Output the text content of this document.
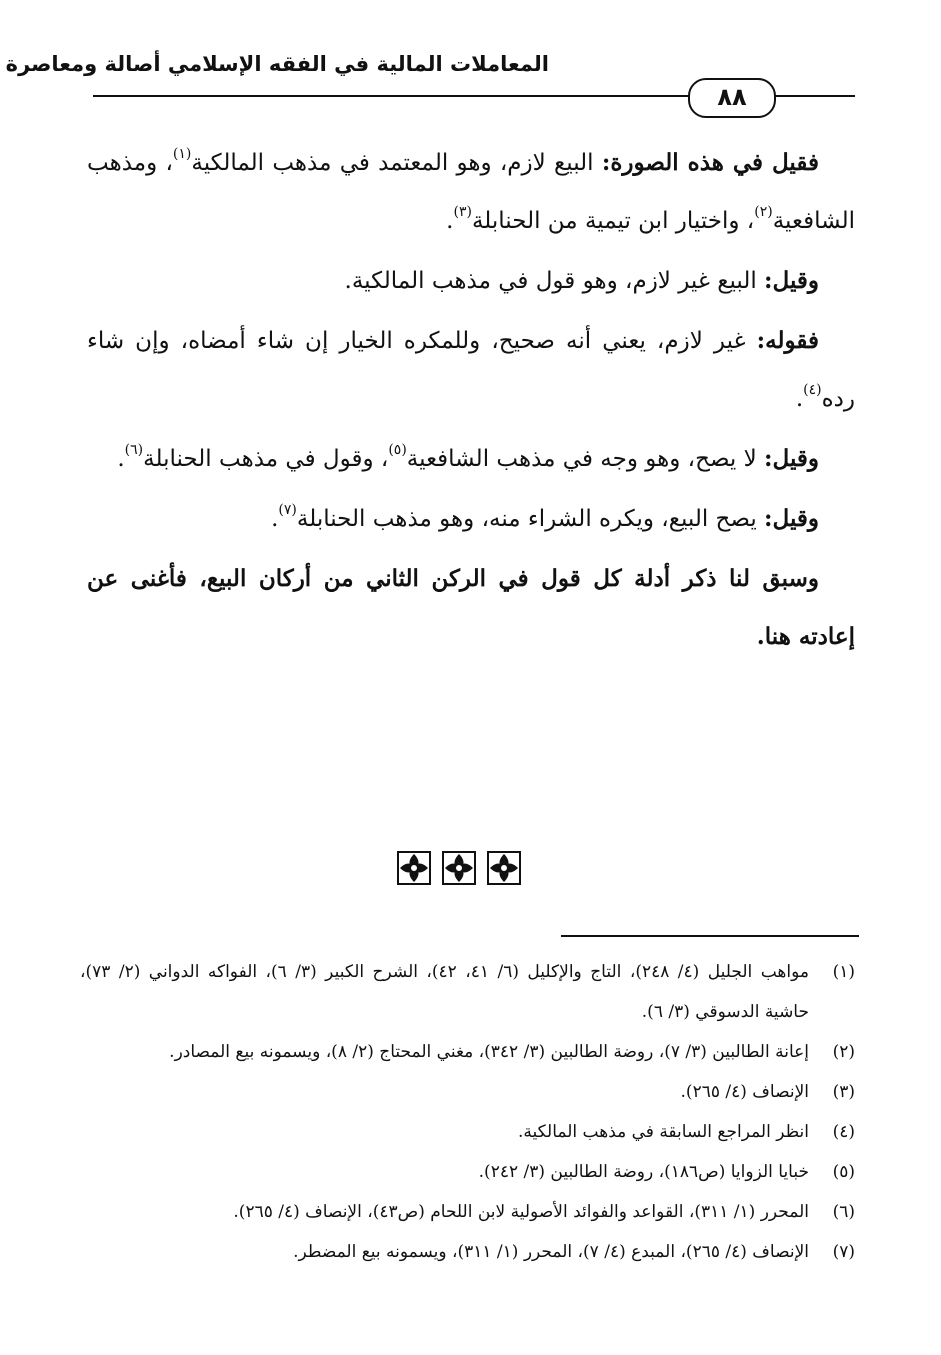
المعاملات المالية في الفقه الإسلامي أصالة ومعاصرة
٨٨

فقيل في هذه الصورة: البيع لازم، وهو المعتمد في مذهب المالكية$^{(١)}$، ومذهب الشافعية$^{(٢)}$، واختيار ابن تيمية من الحنابلة$^{(٣)}$.

وقيل: البيع غير لازم، وهو قول في مذهب المالكية.

فقوله: غير لازم، يعني أنه صحيح، وللمكره الخيار إن شاء أمضاه، وإن شاء رده$^{(٤)}$.

وقيل: لا يصح، وهو وجه في مذهب الشافعية$^{(٥)}$، وقول في مذهب الحنابلة$^{(٦)}$.

وقيل: يصح البيع، ويكره الشراء منه، وهو مذهب الحنابلة$^{(٧)}$.

وسبق لنا ذكر أدلة كل قول في الركن الثاني من أركان البيع، فأغنى عن إعادته هنا.

(١)
مواهب الجليل (٤/ ٢٤٨)، التاج والإكليل (٦/ ٤١، ٤٢)، الشرح الكبير (٣/ ٦)، الفواكه الدواني (٢/ ٧٣)، حاشية الدسوقي (٣/ ٦).
(٢)
إعانة الطالبين (٣/ ٧)، روضة الطالبين (٣/ ٣٤٢)، مغني المحتاج (٢/ ٨)، ويسمونه بيع المصادر.
(٣)
الإنصاف (٤/ ٢٦٥).
(٤)
انظر المراجع السابقة في مذهب المالكية.
(٥)
خبايا الزوايا (ص١٨٦)، روضة الطالبين (٣/ ٢٤٢).
(٦)
المحرر (١/ ٣١١)، القواعد والفوائد الأصولية لابن اللحام (ص٤٣)، الإنصاف (٤/ ٢٦٥).
(٧)
الإنصاف (٤/ ٢٦٥)، المبدع (٤/ ٧)، المحرر (١/ ٣١١)، ويسمونه بيع المضطر.
